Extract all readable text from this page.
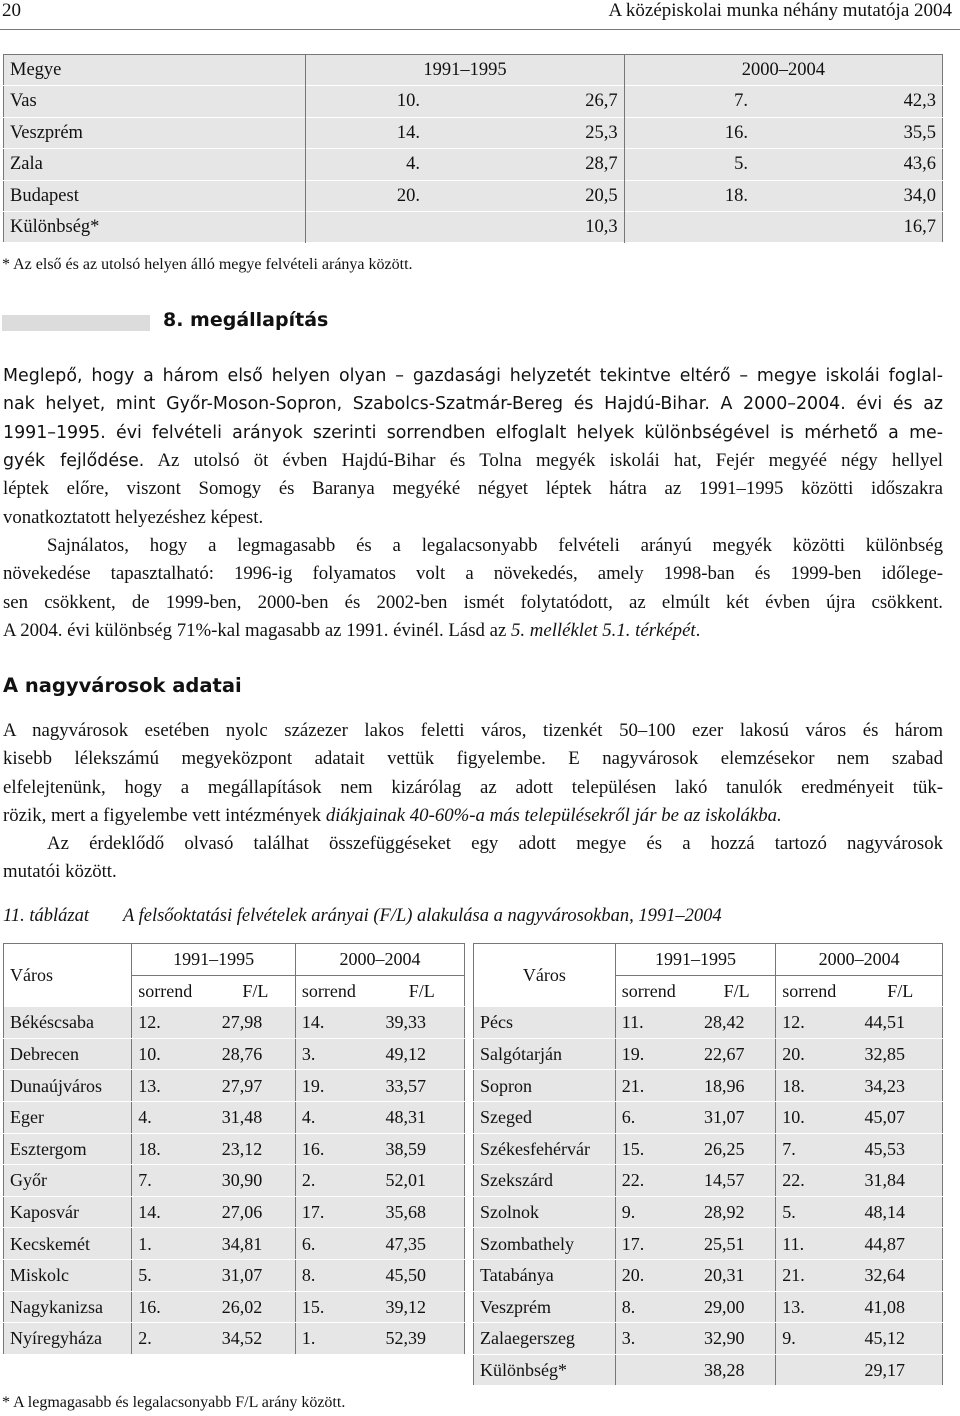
20	A középiskolai munka néhány mutatója 2004
Megye	1991–1995		2000–2004	
Vas	10.	26,7	7.	42,3
Veszprém	14.	25,3	16.	35,5
Zala	4.	28,7	5.	43,6
Budapest	20.	20,5	18.	34,0
Különbség*		10,3		16,7
* Az első és az utolsó helyen álló megye felvételi aránya között.
8. megállapítás
Meglepő, hogy a három első helyen olyan – gazdasági helyzetét tekintve eltérő – megye iskolái foglal-
nak helyet, mint Győr-Moson-Sopron, Szabolcs-Szatmár-Bereg és Hajdú-Bihar. A 2000–2004. évi és az
1991–1995. évi felvételi arányok szerinti sorrendben elfoglalt helyek különbségével is mérhető a me-
gyék fejlődése. Az utolsó öt évben Hajdú-Bihar és Tolna megyék iskolái hat, Fejér megyéé négy hellyel
léptek előre, viszont Somogy és Baranya megyéké négyet léptek hátra az 1991–1995 közötti időszakra
vonatkoztatott helyezéshez képest.
Sajnálatos, hogy a legmagasabb és a legalacsonyabb felvételi arányú megyék közötti különbség
növekedése tapasztalható: 1996-ig folyamatos volt a növekedés, amely 1998-ban és 1999-ben időlege-
sen csökkent, de 1999-ben, 2000-ben és 2002-ben ismét folytatódott, az elmúlt két évben újra csökkent.
A 2004. évi különbség 71%-kal magasabb az 1991. évinél. Lásd az 5. melléklet 5.1. térképét.
A nagyvárosok adatai
A nagyvárosok esetében nyolc százezer lakos feletti város, tizenkét 50–100 ezer lakosú város és három
kisebb lélekszámú megyeközpont adatait vettük figyelembe. E nagyvárosok elemzésekor nem szabad
elfelejtenünk, hogy a megállapítások nem kizárólag az adott településen lakó tanulók eredményeit tük-
rözik, mert a figyelembe vett intézmények diákjainak 40-60%-a más településekről jár be az iskolákba.
Az érdeklődő olvasó találhat összefüggéseket egy adott megye és a hozzá tartozó nagyvárosok
mutatói között.
11. táblázat A felsőoktatási felvételek arányai (F/L) alakulása a nagyvárosokban, 1991–2004
Város	1991–1995		2000–2004	
	sorrend	F/L	sorrend	F/L
Békéscsaba	12.	27,98	14.	39,33
Debrecen	10.	28,76	3.	49,12
Dunaújváros	13.	27,97	19.	33,57
Eger	4.	31,48	4.	48,31
Esztergom	18.	23,12	16.	38,59
Győr	7.	30,90	2.	52,01
Kaposvár	14.	27,06	17.	35,68
Kecskemét	1.	34,81	6.	47,35
Miskolc	5.	31,07	8.	45,50
Nagykanizsa	16.	26,02	15.	39,12
Nyíregyháza	2.	34,52	1.	52,39
Város	1991–1995		2000–2004	
	sorrend	F/L	sorrend	F/L
Pécs	11.	28,42	12.	44,51
Salgótarján	19.	22,67	20.	32,85
Sopron	21.	18,96	18.	34,23
Szeged	6.	31,07	10.	45,07
Székesfehérvár	15.	26,25	7.	45,53
Szekszárd	22.	14,57	22.	31,84
Szolnok	9.	28,92	5.	48,14
Szombathely	17.	25,51	11.	44,87
Tatabánya	20.	20,31	21.	32,64
Veszprém	8.	29,00	13.	41,08
Zalaegerszeg	3.	32,90	9.	45,12
Különbség*		38,28		29,17
* A legmagasabb és legalacsonyabb F/L arány között.
